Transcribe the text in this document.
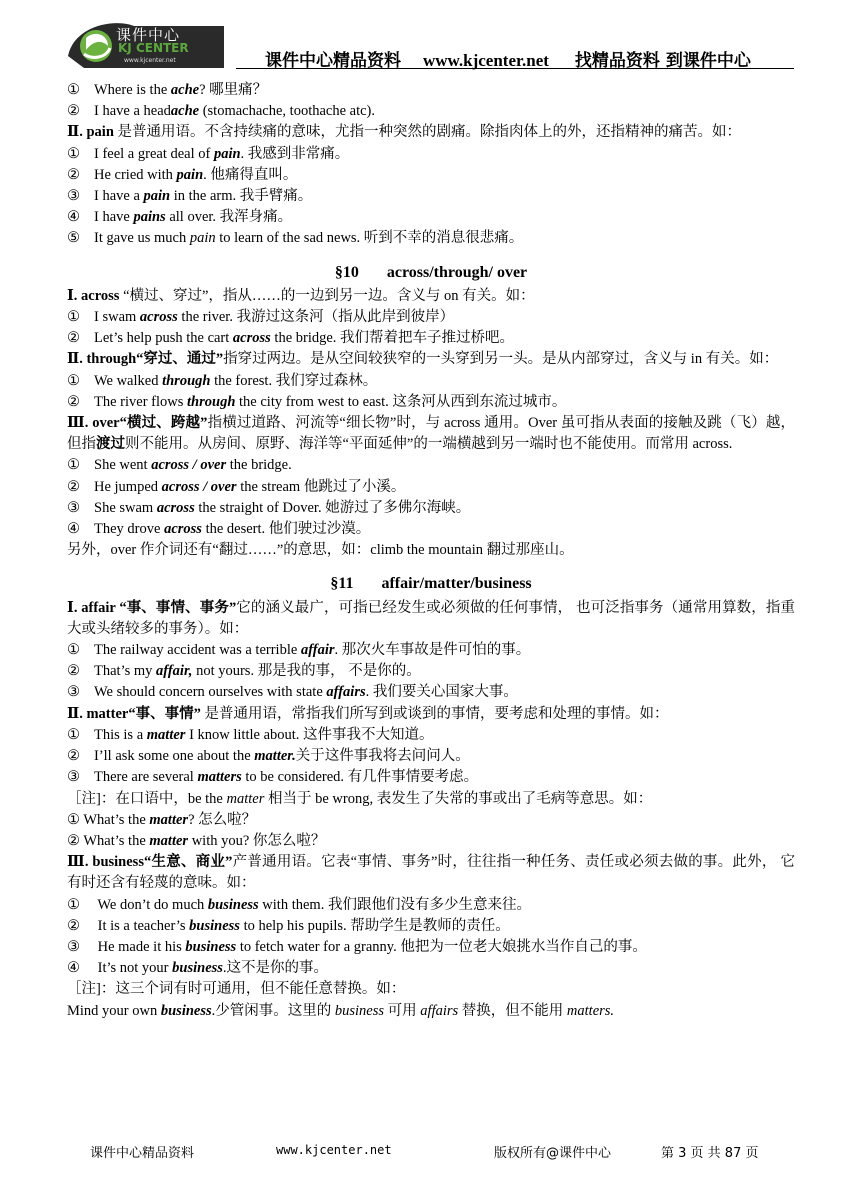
课件中心
KJ CENTER
www.kjcenter.net	课件中心精品资料 www.kjcenter.net 找精品资料 到课件中心
① Where is the ache? 哪里痛？
② I have a headache (stomachache, toothache atc).
Ⅱ. pain 是普通用语。不含持续痛的意味，尤指一种突然的剧痛。除指肉体上的外，还指精神的痛苦。如：
① I feel a great deal of pain. 我感到非常痛。
② He cried with pain. 他痛得直叫。
③ I have a pain in the arm. 我手臂痛。
④ I have pains all over. 我浑身痛。
⑤ It gave us much pain to learn of the sad news. 听到不幸的消息很悲痛。
§10 across/through/ over
Ⅰ. across “横过、穿过”，指从……的一边到另一边。含义与 on 有关。如：
① I swam across the river. 我游过这条河（指从此岸到彼岸）
② Let’s help push the cart across the bridge. 我们帮着把车子推过桥吧。
Ⅱ. through“穿过、通过”指穿过两边。是从空间较狭窄的一头穿到另一头。是从内部穿过，含义与 in 有关。如：
① We walked through the forest. 我们穿过森林。
② The river flows through the city from west to east. 这条河从西到东流过城市。
Ⅲ. over“横过、跨越”指横过道路、河流等“细长物”时，与 across 通用。Over 虽可指从表面的接触及跳（飞）越，但指渡过则不能用。从房间、原野、海洋等“平面延伸”的一端横越到另一端时也不能使用。而常用 across.
① She went across / over the bridge.
② He jumped across / over the stream 他跳过了小溪。
③ She swam across the straight of Dover. 她游过了多佛尔海峡。
④ They drove across the desert. 他们驶过沙漠。
另外，over 作介词还有“翻过……”的意思，如：climb the mountain 翻过那座山。
§11 affair/matter/business
Ⅰ. affair “事、事情、事务”它的涵义最广，可指已经发生或必须做的任何事情， 也可泛指事务（通常用算数，指重大或头绪较多的事务）。如：
① The railway accident was a terrible affair. 那次火车事故是件可怕的事。
② That’s my affair, not yours. 那是我的事， 不是你的。
③ We should concern ourselves with state affairs. 我们要关心国家大事。
Ⅱ. matter“事、事情” 是普通用语，常指我们所写到或谈到的事情，要考虑和处理的事情。如：
① This is a matter I know little about. 这件事我不大知道。
② I’ll ask some one about the matter.关于这件事我将去问问人。
③ There are several matters to be considered. 有几件事情要考虑。
［注]：在口语中，be the matter 相当于 be wrong, 表发生了失常的事或出了毛病等意思。如：
① What’s the matter? 怎么啦？
② What’s the matter with you? 你怎么啦？
Ⅲ. business“生意、商业”产普通用语。它表“事情、事务”时，往往指一种任务、责任或必须去做的事。此外， 它有时还含有轻蔑的意味。如：
① We don’t do much business with them. 我们跟他们没有多少生意来往。
② It is a teacher’s business to help his pupils. 帮助学生是教师的责任。
③ He made it his business to fetch water for a granny. 他把为一位老大娘挑水当作自己的事。
④ It’s not your business.这不是你的事。
［注]：这三个词有时可通用，但不能任意替换。如：
Mind your own business.少管闲事。这里的 business 可用 affairs 替换，但不能用 matters.
课件中心精品资料	www.kjcenter.net	版权所有@课件中心	第 3 页 共 87 页
